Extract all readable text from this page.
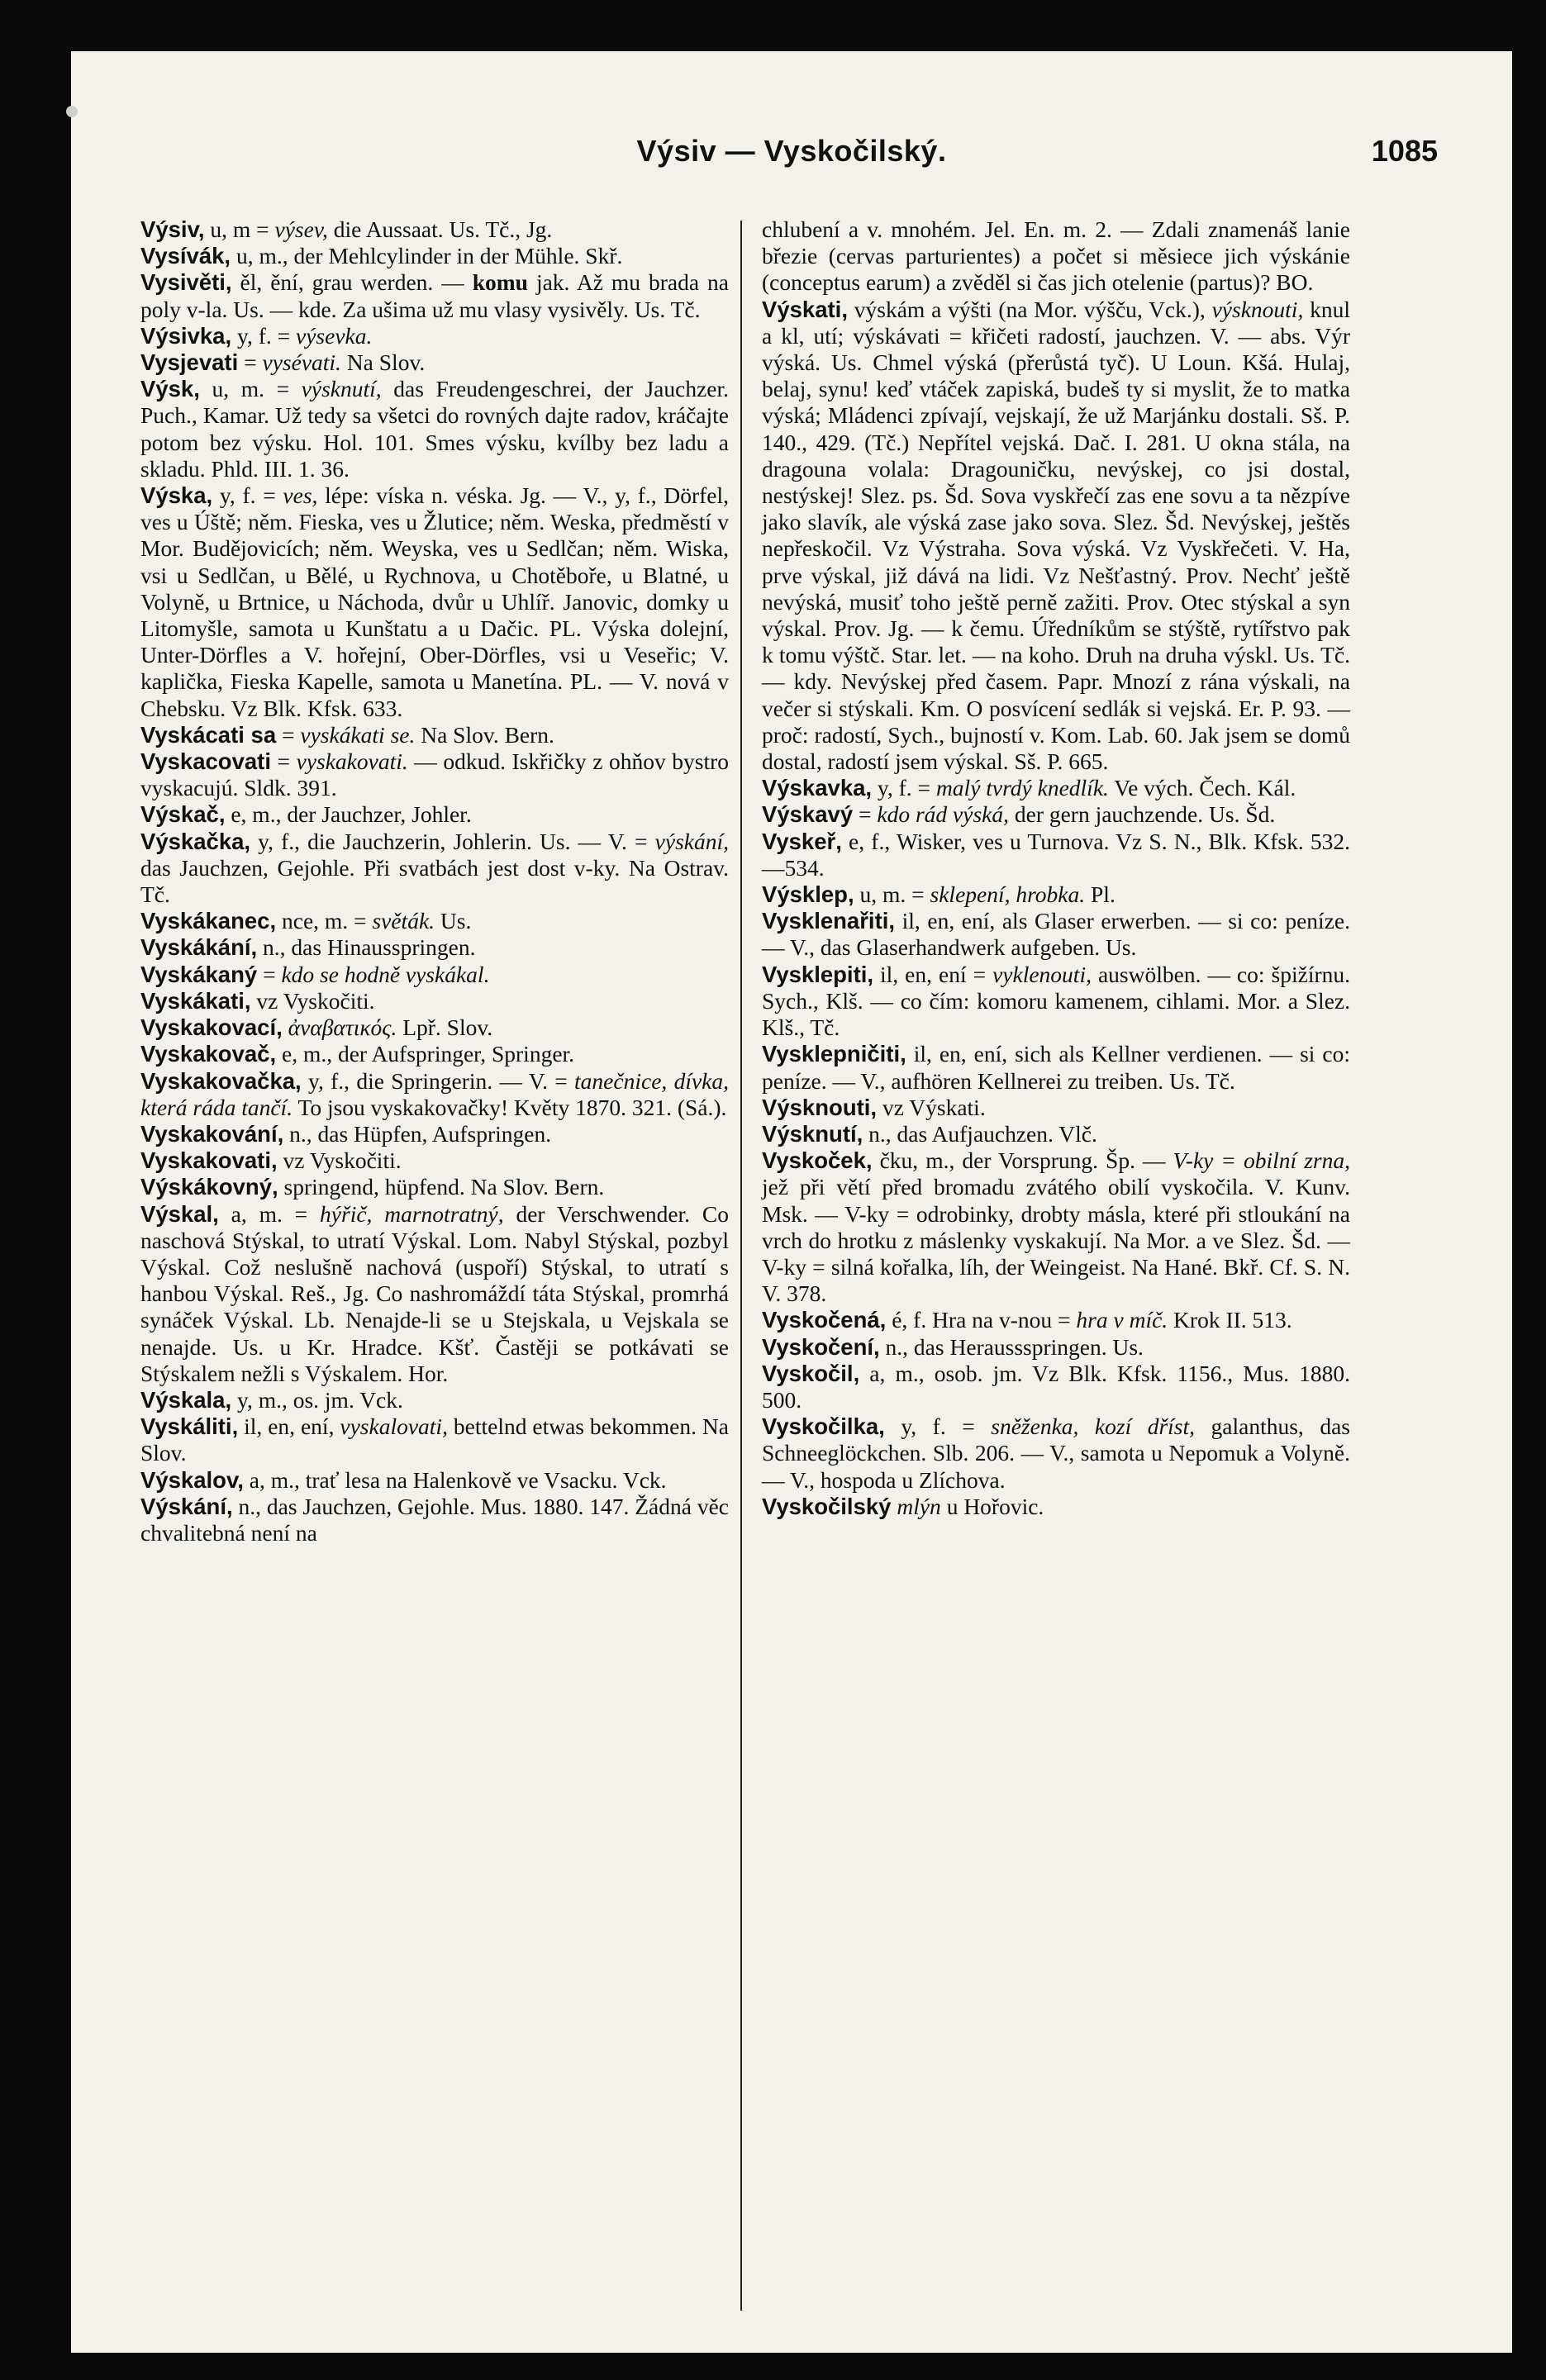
Výsiv — Vyskočilský.	1085
Výsiv, u, m = výsev, die Aussaat. Us. Tč., Jg.
Vysívák, u, m., der Mehlcylinder in der Mühle. Skř.
Vysivěti, ěl, ění, grau werden. — komu jak. Až mu brada na poly v-la. Us. — kde. Za ušima už mu vlasy vysivěly. Us. Tč.
Výsivka, y, f. = výsevka.
Vysjevati = vysévati. Na Slov.
Výsk, u, m. = výsknutí, das Freudengeschrei, der Jauchzer. Puch., Kamar. Už tedy sa všetci do rovných dajte radov, kráčajte potom bez výsku. Hol. 101. Smes výsku, kvílby bez ladu a skladu. Phld. III. 1. 36.
Výska, y, f. = ves, lépe: víska n. véska. Jg. — V., y, f., Dörfel, ves u Úště; něm. Fieska, ves u Žlutice; něm. Weska, předměstí v Mor. Budějovicích; něm. Weyska, ves u Sedlčan; něm. Wiska, vsi u Sedlčan, u Bělé, u Rychnova, u Chotěboře, u Blatné, u Volyně, u Brtnice, u Náchoda, dvůr u Uhlíř. Janovic, domky u Litomyšle, samota u Kunštatu a u Dačic. PL. Výska dolejní, Unter-Dörfles a V. hořejní, Ober-Dörfles, vsi u Veseřic; V. kaplička, Fieska Kapelle, samota u Manetína. PL. — V. nová v Chebsku. Vz Blk. Kfsk. 633.
Vyskácati sa = vyskákati se. Na Slov. Bern.
Vyskacovati = vyskakovati. — odkud. Iskřičky z ohňov bystro vyskacujú. Sldk. 391.
Výskač, e, m., der Jauchzer, Johler.
Výskačka, y, f., die Jauchzerin, Johlerin. Us. — V. = výskání, das Jauchzen, Gejohle. Při svatbách jest dost v-ky. Na Ostrav. Tč.
Vyskákanec, nce, m. = světák. Us.
Vyskákání, n., das Hinausspringen.
Vyskákaný = kdo se hodně vyskákal.
Vyskákati, vz Vyskočiti.
Vyskakovací, ἀναβατικός. Lpř. Slov.
Vyskakovač, e, m., der Aufspringer, Springer.
Vyskakovačka, y, f., die Springerin. — V. = tanečnice, dívka, která ráda tančí. To jsou vyskakovačky! Květy 1870. 321. (Sá.).
Vyskakování, n., das Hüpfen, Aufspringen.
Vyskakovati, vz Vyskočiti.
Výskákovný, springend, hüpfend. Na Slov. Bern.
Výskal, a, m. = hýřič, marnotratný, der Verschwender. Co naschová Stýskal, to utratí Výskal. Lom. Nabyl Stýskal, pozbyl Výskal. Což neslušně nachová (uspoří) Stýskal, to utratí s hanbou Výskal. Reš., Jg. Co nashromáždí táta Stýskal, promrhá synáček Výskal. Lb. Nenajde-li se u Stejskala, u Vejskala se nenajde. Us. u Kr. Hradce. Kšť. Častěji se potkávati se Stýskalem nežli s Výskalem. Hor.
Výskala, y, m., os. jm. Vck.
Vyskáliti, il, en, ení, vyskalovati, bettelnd etwas bekommen. Na Slov.
Výskalov, a, m., trať lesa na Halenkově ve Vsacku. Vck.
Výskání, n., das Jauchzen, Gejohle. Mus. 1880. 147. Žádná věc chvalitebná není na
chlubení a v. mnohém. Jel. En. m. 2. — Zdali znamenáš lanie březie (cervas parturientes) a počet si měsiece jich výskánie (conceptus earum) a zvěděl si čas jich otelenie (partus)? BO.
Výskati, výskám a výšti (na Mor. výšču, Vck.), výsknouti, knul a kl, utí; výskávati = křičeti radostí, jauchzen. V. — abs. Výr výská. Us. Chmel výská (přerůstá tyč). U Loun. Kšá. Hulaj, belaj, synu! keď vtáček zapiská, budeš ty si myslit, že to matka výská; Mládenci zpívají, vejskají, že už Marjánku dostali. Sš. P. 140., 429. (Tč.) Nepřítel vejská. Dač. I. 281. U okna stála, na dragouna volala: Dragouničku, nevýskej, co jsi dostal, nestýskej! Slez. ps. Šd. Sova vyskřečí zas ene sovu a ta nězpíve jako slavík, ale výská zase jako sova. Slez. Šd. Nevýskej, ještěs nepřeskočil. Vz Výstraha. Sova výská. Vz Vyskřečeti. V. Ha, prve výskal, již dává na lidi. Vz Nešťastný. Prov. Nechť ještě nevýská, musiť toho ještě perně zažiti. Prov. Otec stýskal a syn výskal. Prov. Jg. — k čemu. Úředníkům se stýště, rytířstvo pak k tomu výštč. Star. let. — na koho. Druh na druha výskl. Us. Tč. — kdy. Nevýskej před časem. Papr. Mnozí z rána výskali, na večer si stýskali. Km. O posvícení sedlák si vejská. Er. P. 93. — proč: radostí, Sych., bujností v. Kom. Lab. 60. Jak jsem se domů dostal, radostí jsem výskal. Sš. P. 665.
Výskavka, y, f. = malý tvrdý knedlík. Ve vých. Čech. Kál.
Výskavý = kdo rád výská, der gern jauchzende. Us. Šd.
Vyskeř, e, f., Wisker, ves u Turnova. Vz S. N., Blk. Kfsk. 532.—534.
Výsklep, u, m. = sklepení, hrobka. Pl.
Vysklenařiti, il, en, ení, als Glaser erwerben. — si co: peníze. — V., das Glaserhandwerk aufgeben. Us.
Vysklepiti, il, en, ení = vyklenouti, auswölben. — co: špižírnu. Sych., Klš. — co čím: komoru kamenem, cihlami. Mor. a Slez. Klš., Tč.
Vysklepničiti, il, en, ení, sich als Kellner verdienen. — si co: peníze. — V., aufhören Kellnerei zu treiben. Us. Tč.
Výsknouti, vz Výskati.
Výsknutí, n., das Aufjauchzen. Vlč.
Vyskoček, čku, m., der Vorsprung. Šp. — V-ky = obilní zrna, jež při větí před bromadu zvátého obilí vyskočila. V. Kunv. Msk. — V-ky = odrobinky, drobty másla, které při stloukání na vrch do hrotku z máslenky vyskakují. Na Mor. a ve Slez. Šd. — V-ky = silná kořalka, líh, der Weingeist. Na Hané. Bkř. Cf. S. N. V. 378.
Vyskočená, é, f. Hra na v-nou = hra v míč. Krok II. 513.
Vyskočení, n., das Heraussspringen. Us.
Vyskočil, a, m., osob. jm. Vz Blk. Kfsk. 1156., Mus. 1880. 500.
Vyskočilka, y, f. = sněženka, kozí dříst, galanthus, das Schneeglöckchen. Slb. 206. — V., samota u Nepomuk a Volyně. — V., hospoda u Zlíchova.
Vyskočilský mlýn u Hořovic.
